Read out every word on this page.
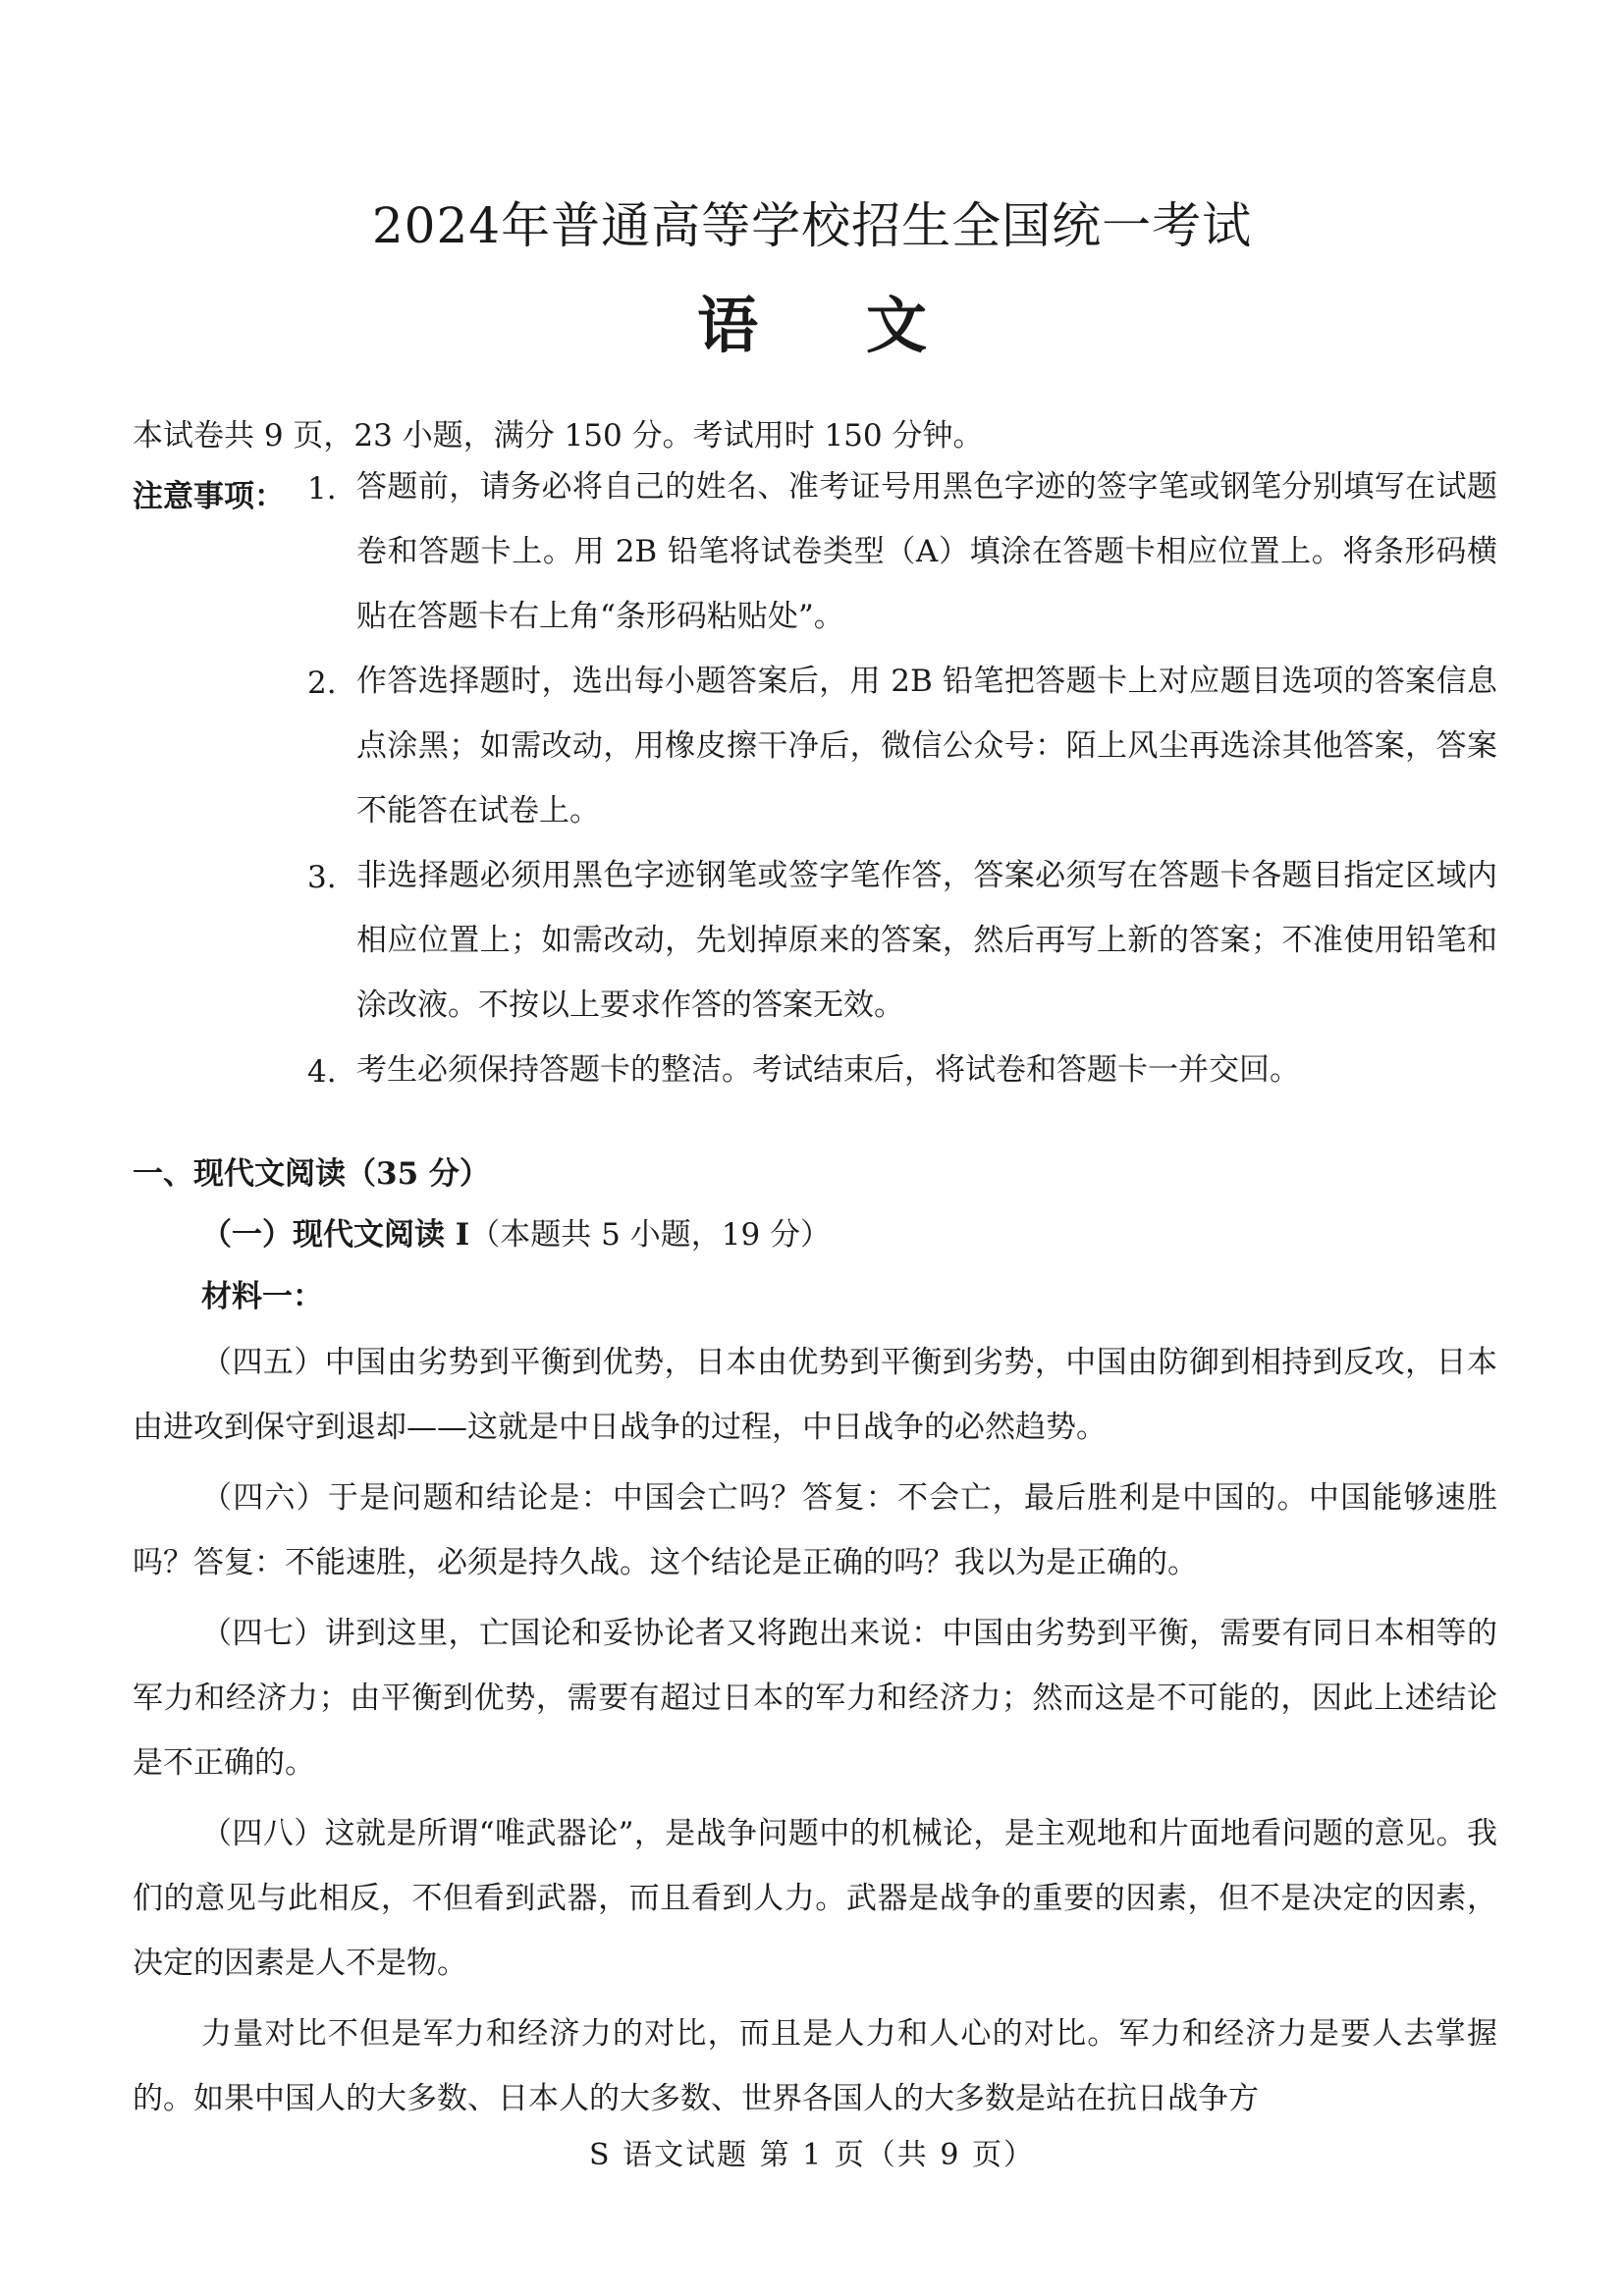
2024年普通高等学校招生全国统一考试
语文
本试卷共 9 页，23 小题，满分 150 分。考试用时 150 分钟。
注意事项： 1. 答题前，请务必将自己的姓名、准考证号用黑色字迹的签字笔或钢笔分别填写在试题卷和答题卡上。用 2B 铅笔将试卷类型（A）填涂在答题卡相应位置上。将条形码横贴在答题卡右上角“条形码粘贴处”。
2. 作答选择题时，选出每小题答案后，用 2B 铅笔把答题卡上对应题目选项的答案信息点涂黑；如需改动，用橡皮擦干净后，微信公众号：陌上风尘再选涂其他答案，答案不能答在试卷上。
3. 非选择题必须用黑色字迹钢笔或签字笔作答，答案必须写在答题卡各题目指定区域内相应位置上；如需改动，先划掉原来的答案，然后再写上新的答案；不准使用铅笔和涂改液。不按以上要求作答的答案无效。
4. 考生必须保持答题卡的整洁。考试结束后，将试卷和答题卡一并交回。
一、现代文阅读（35 分）
（一）现代文阅读 I（本题共 5 小题，19 分）
材料一：

（四五）中国由劣势到平衡到优势，日本由优势到平衡到劣势，中国由防御到相持到反攻，日本由进攻到保守到退却——这就是中日战争的过程，中日战争的必然趋势。

（四六）于是问题和结论是：中国会亡吗？答复：不会亡，最后胜利是中国的。中国能够速胜吗？答复：不能速胜，必须是持久战。这个结论是正确的吗？我以为是正确的。

（四七）讲到这里，亡国论和妥协论者又将跑出来说：中国由劣势到平衡，需要有同日本相等的军力和经济力；由平衡到优势，需要有超过日本的军力和经济力；然而这是不可能的，因此上述结论是不正确的。

（四八）这就是所谓“唯武器论”，是战争问题中的机械论，是主观地和片面地看问题的意见。我们的意见与此相反，不但看到武器，而且看到人力。武器是战争的重要的因素，但不是决定的因素，决定的因素是人不是物。

力量对比不但是军力和经济力的对比，而且是人力和人心的对比。军力和经济力是要人去掌握的。如果中国人的大多数、日本人的大多数、世界各国人的大多数是站在抗日战争方

S 语文试题 第 1 页（共 9 页）
